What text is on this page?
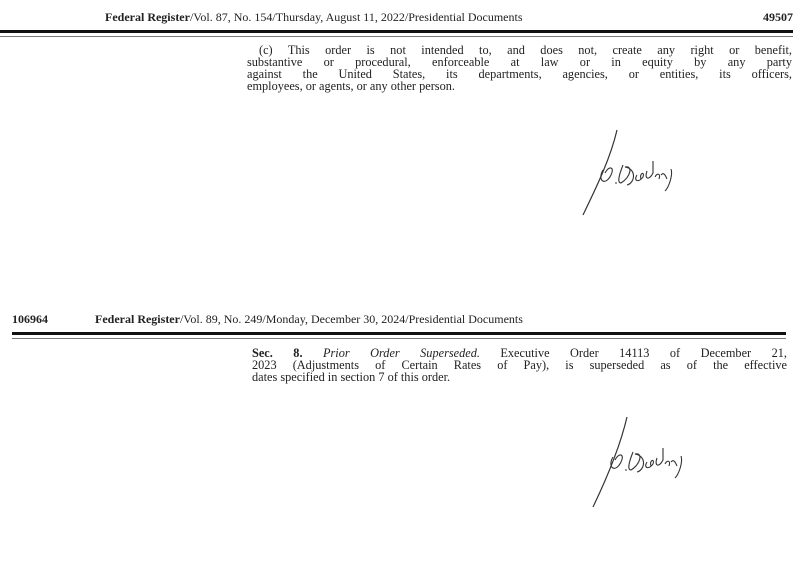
Federal Register/Vol. 87, No. 154/Thursday, August 11, 2022/Presidential Documents	49507
(c) This order is not intended to, and does not, create any right or benefit,
substantive or procedural, enforceable at law or in equity by any party
against the United States, its departments, agencies, or entities, its officers,
employees, or agents, or any other person.
106964	Federal Register /Vol. 89, No. 249/Monday, December 30, 2024/Presidential Documents
Sec. 8. Prior Order Superseded. Executive Order 14113 of December 21,
2023 (Adjustments of Certain Rates of Pay), is superseded as of the effective
dates specified in section 7 of this order.
